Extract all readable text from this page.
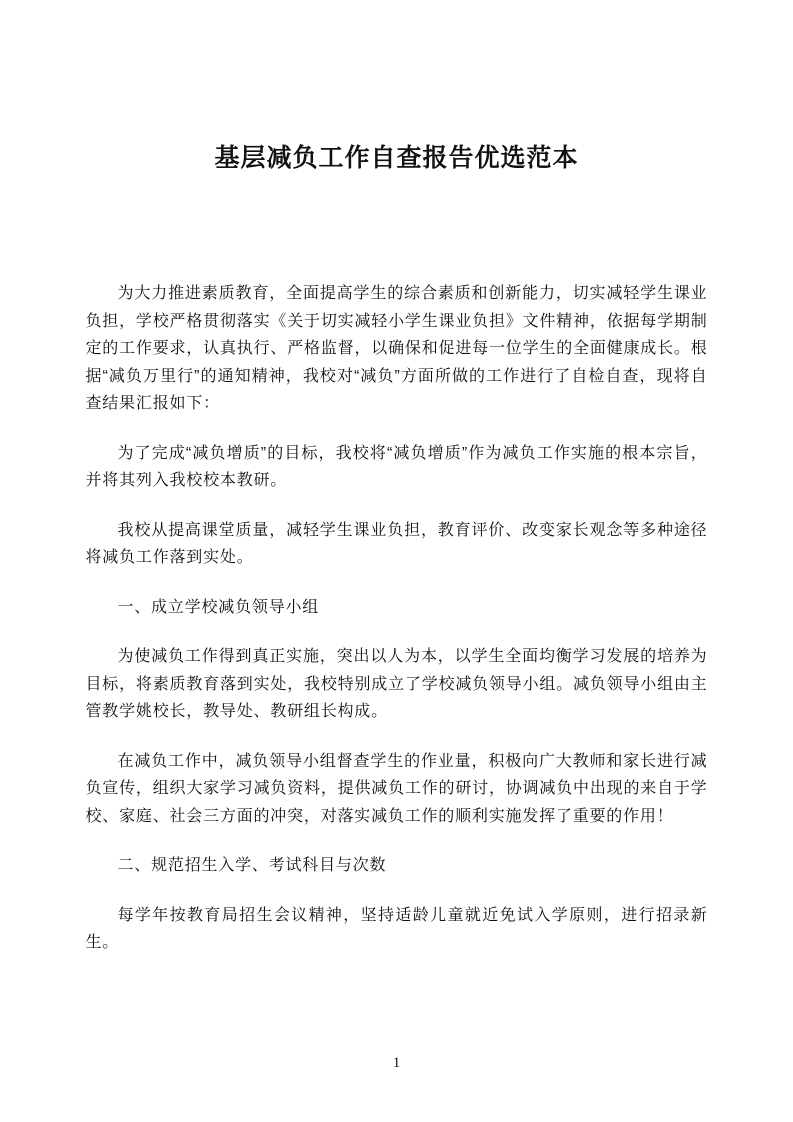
基层减负工作自查报告优选范本

为大力推进素质教育，全面提高学生的综合素质和创新能力，切实减轻学生课业负担，学校严格贯彻落实《关于切实减轻小学生课业负担》文件精神，依据每学期制定的工作要求，认真执行、严格监督，以确保和促进每一位学生的全面健康成长。根据“减负万里行”的通知精神，我校对“减负”方面所做的工作进行了自检自查，现将自查结果汇报如下：

为了完成“减负增质”的目标，我校将“减负增质”作为减负工作实施的根本宗旨，并将其列入我校校本教研。

我校从提高课堂质量，减轻学生课业负担，教育评价、改变家长观念等多种途径将减负工作落到实处。

一、成立学校减负领导小组

为使减负工作得到真正实施，突出以人为本，以学生全面均衡学习发展的培养为目标，将素质教育落到实处，我校特别成立了学校减负领导小组。减负领导小组由主管教学姚校长，教导处、教研组长构成。

在减负工作中，减负领导小组督查学生的作业量，积极向广大教师和家长进行减负宣传，组织大家学习减负资料，提供减负工作的研讨，协调减负中出现的来自于学校、家庭、社会三方面的冲突，对落实减负工作的顺利实施发挥了重要的作用！

二、规范招生入学、考试科目与次数

每学年按教育局招生会议精神，坚持适龄儿童就近免试入学原则，进行招录新生。

1
